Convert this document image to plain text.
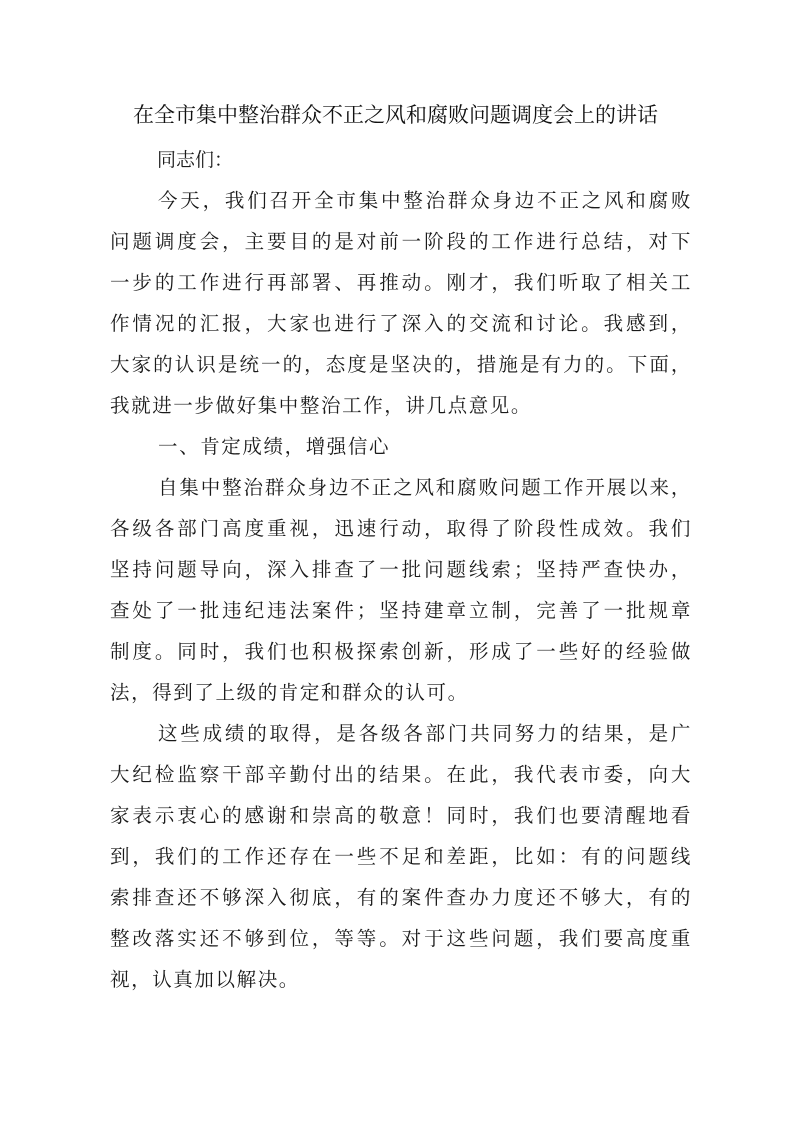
在全市集中整治群众不正之风和腐败问题调度会上的讲话
同志们：
今天，我们召开全市集中整治群众身边不正之风和腐败
问题调度会，主要目的是对前一阶段的工作进行总结，对下
一步的工作进行再部署、再推动。刚才，我们听取了相关工
作情况的汇报，大家也进行了深入的交流和讨论。我感到，
大家的认识是统一的，态度是坚决的，措施是有力的。下面，
我就进一步做好集中整治工作，讲几点意见。
一、肯定成绩，增强信心
自集中整治群众身边不正之风和腐败问题工作开展以来，
各级各部门高度重视，迅速行动，取得了阶段性成效。我们
坚持问题导向，深入排查了一批问题线索；坚持严查快办，
查处了一批违纪违法案件；坚持建章立制，完善了一批规章
制度。同时，我们也积极探索创新，形成了一些好的经验做
法，得到了上级的肯定和群众的认可。
这些成绩的取得，是各级各部门共同努力的结果，是广
大纪检监察干部辛勤付出的结果。在此，我代表市委，向大
家表示衷心的感谢和崇高的敬意！同时，我们也要清醒地看
到，我们的工作还存在一些不足和差距，比如：有的问题线
索排查还不够深入彻底，有的案件查办力度还不够大，有的
整改落实还不够到位，等等。对于这些问题，我们要高度重
视，认真加以解决。
